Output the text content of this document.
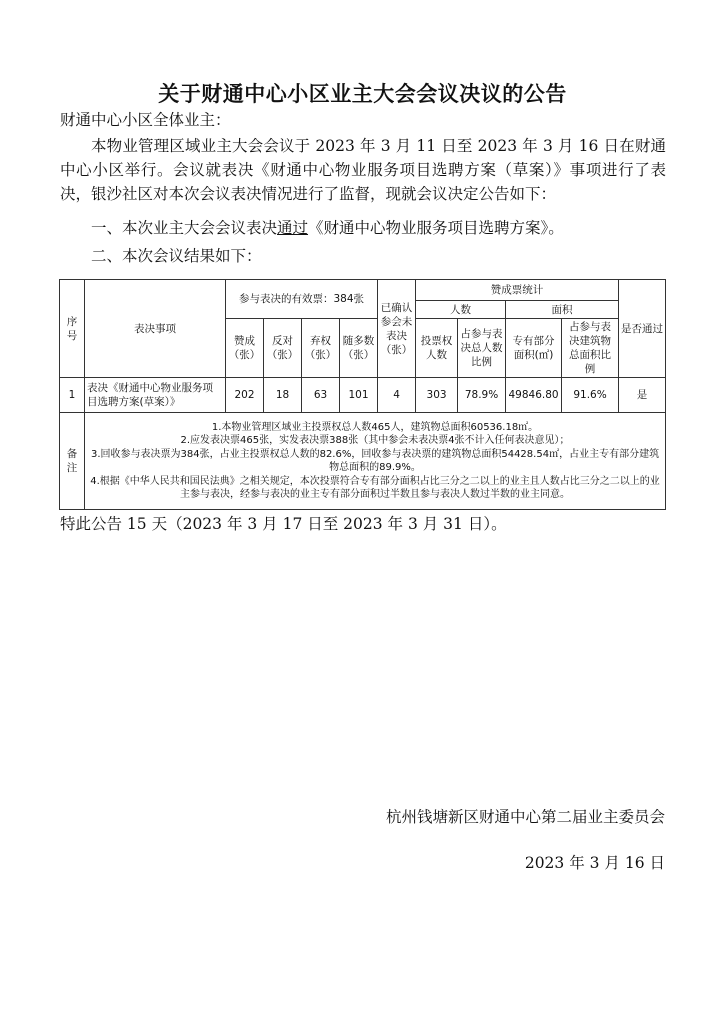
关于财通中心小区业主大会会议决议的公告
财通中心小区全体业主：
本物业管理区域业主大会会议于 2023 年 3 月 11 日至 2023 年 3 月 16 日在财通中心小区举行。会议就表决《财通中心物业服务项目选聘方案（草案）》事项进行了表决，银沙社区对本次会议表决情况进行了监督，现就会议决定公告如下：
一、本次业主大会会议表决通过《财通中心物业服务项目选聘方案》。
二、本次会议结果如下：
序号	表决事项	参与表决的有效票：384张				已确认参会未表决（张）	赞成票统计				是否通过
							人数		面积		
		赞成（张）	反对（张）	弃权（张）	随多数（张）		投票权人数	占参与表决总人数比例	专有部分面积(㎡)	占参与表决建筑物总面积比例	
1	表决《财通中心物业服务项目选聘方案(草案）》	202	18	63	101	4	303	78.9%	49846.80	91.6%	是
备注	1.本物业管理区域业主投票权总人数465人，建筑物总面积60536.18㎡。
2.应发表决票465张，实发表决票388张（其中参会未表决票4张不计入任何表决意见）；
3.回收参与表决票为384张，占业主投票权总人数的82.6%，回收参与表决票的建筑物总面积54428.54㎡，占业主专有部分建筑物总面积的89.9%。
4.根据《中华人民共和国民法典》之相关规定，本次投票符合专有部分面积占比三分之二以上的业主且人数占比三分之二以上的业主参与表决，经参与表决的业主专有部分面积过半数且参与表决人数过半数的业主同意。										
特此公告 15 天（2023 年 3 月 17 日至 2023 年 3 月 31 日）。
杭州钱塘新区财通中心第二届业主委员会
2023 年 3 月 16 日
